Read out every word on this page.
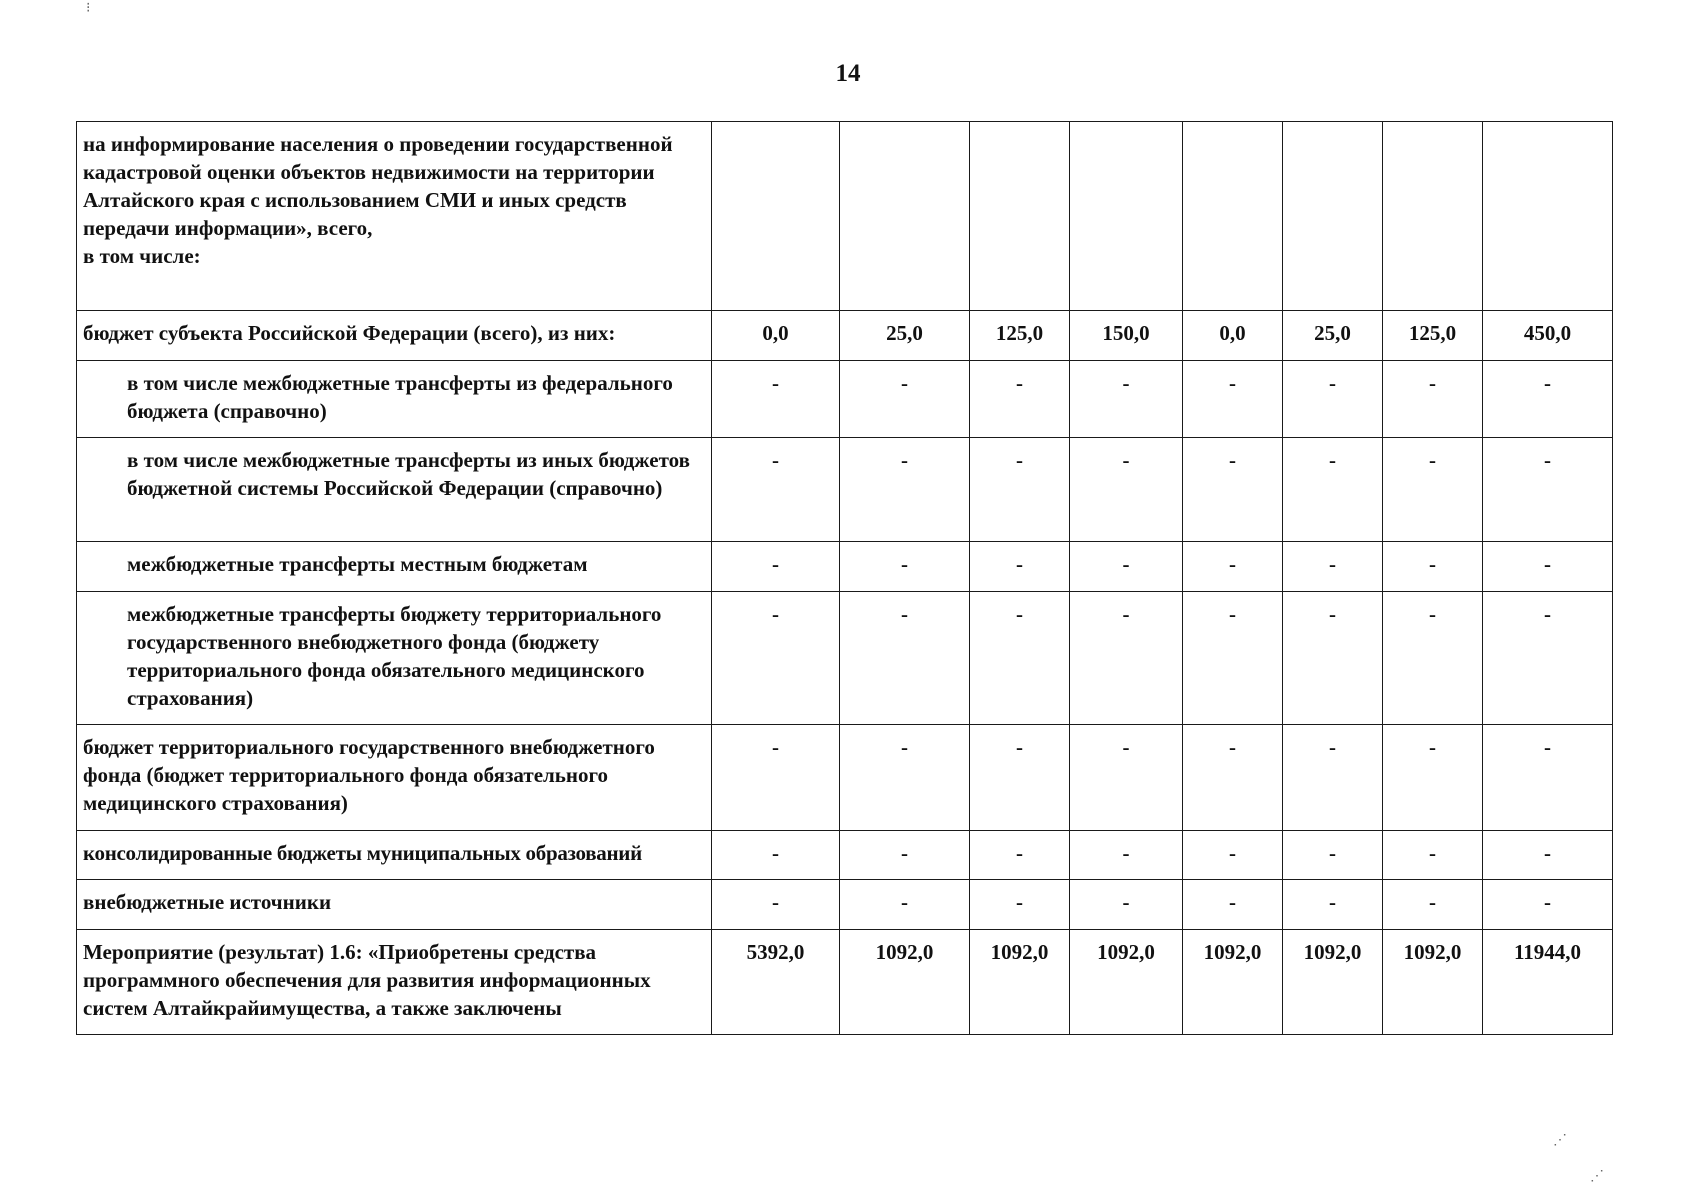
14
на информирование населения о проведении государственной кадастровой оценки объектов недвижимости на территории Алтайского края с использованием СМИ и иных средств передачи информации», всего,
в том числе:								
бюджет субъекта Российской Федерации (всего), из них:	0,0	25,0	125,0	150,0	0,0	25,0	125,0	450,0
в том числе межбюджетные трансферты из федерального бюджета (справочно)	-	-	-	-	-	-	-	-
в том числе межбюджетные трансферты из иных бюджетов бюджетной системы Российской Федерации (справочно)	-	-	-	-	-	-	-	-
межбюджетные трансферты местным бюджетам	-	-	-	-	-	-	-	-
межбюджетные трансферты бюджету территориального государственного внебюджетного фонда (бюджету территориального фонда обязательного медицинского страхования)	-	-	-	-	-	-	-	-
бюджет территориального государственного внебюджетного фонда (бюджет территориального фонда обязательного медицинского страхования)	-	-	-	-	-	-	-	-
консолидированные бюджеты муниципальных образований	-	-	-	-	-	-	-	-
внебюджетные источники	-	-	-	-	-	-	-	-
Мероприятие (результат) 1.6: «Приобретены средства программного обеспечения для развития информационных систем Алтайкрайимущества, а также заключены	5392,0	1092,0	1092,0	1092,0	1092,0	1092,0	1092,0	11944,0
⁝
⋰
⋰
